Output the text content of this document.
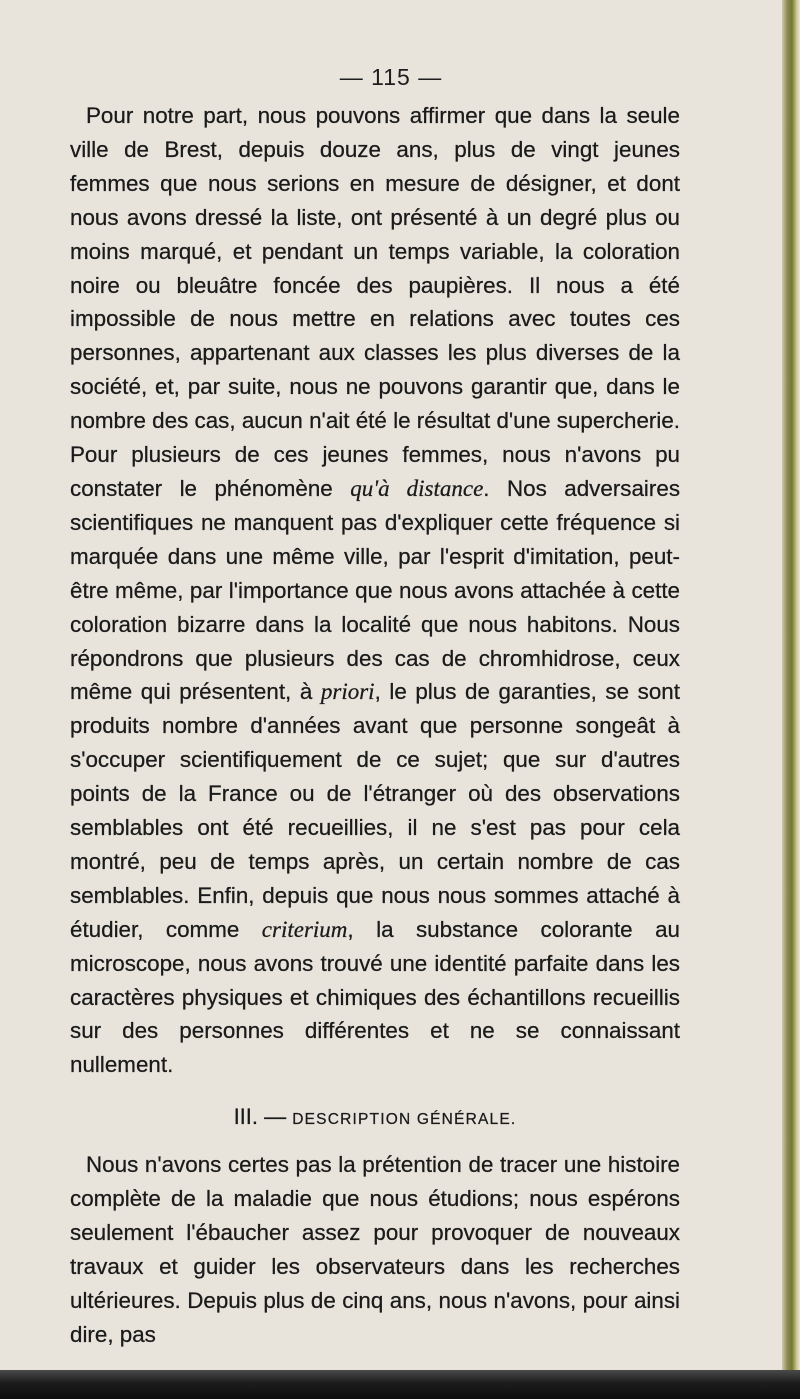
— 115 —

Pour notre part, nous pouvons affirmer que dans la seule ville de Brest, depuis douze ans, plus de vingt jeunes femmes que nous serions en mesure de désigner, et dont nous avons dressé la liste, ont présenté à un degré plus ou moins marqué, et pendant un temps variable, la coloration noire ou bleuâtre foncée des paupières. Il nous a été impossible de nous mettre en relations avec toutes ces personnes, appartenant aux classes les plus diverses de la société, et, par suite, nous ne pouvons garantir que, dans le nombre des cas, aucun n'ait été le résultat d'une supercherie. Pour plusieurs de ces jeunes femmes, nous n'avons pu constater le phénomène qu'à distance. Nos adversaires scientifiques ne manquent pas d'expliquer cette fréquence si marquée dans une même ville, par l'esprit d'imitation, peut-être même, par l'importance que nous avons attachée à cette coloration bizarre dans la localité que nous habitons. Nous répondrons que plusieurs des cas de chromhidrose, ceux même qui présentent, à priori, le plus de garanties, se sont produits nombre d'années avant que personne songeât à s'occuper scientifiquement de ce sujet; que sur d'autres points de la France ou de l'étranger où des observations semblables ont été recueillies, il ne s'est pas pour cela montré, peu de temps après, un certain nombre de cas semblables. Enfin, depuis que nous nous sommes attaché à étudier, comme criterium, la substance colorante au microscope, nous avons trouvé une identité parfaite dans les caractères physiques et chimiques des échantillons recueillis sur des personnes différentes et ne se connaissant nullement.

III. — DESCRIPTION GÉNÉRALE.

Nous n'avons certes pas la prétention de tracer une histoire complète de la maladie que nous étudions; nous espérons seulement l'ébaucher assez pour provoquer de nouveaux travaux et guider les observateurs dans les recherches ultérieures. Depuis plus de cinq ans, nous n'avons, pour ainsi dire, pas
